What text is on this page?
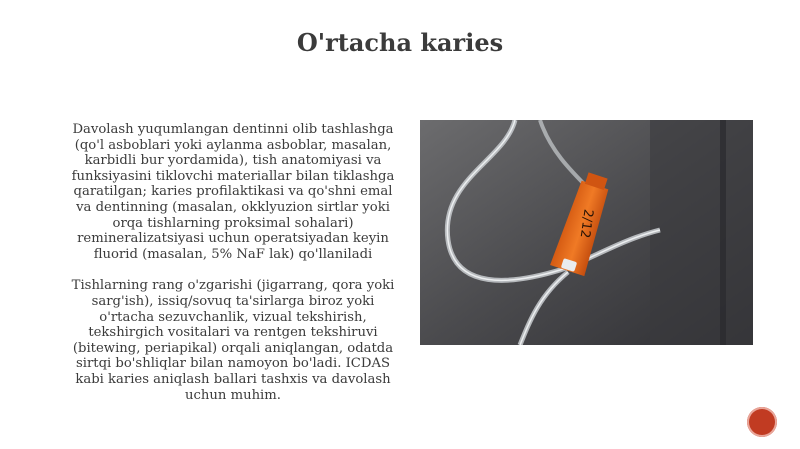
O'rtacha karies

Davolash yuqumlangan dentinni olib tashlashga
(qo'l asboblari yoki aylanma asboblar, masalan,
karbidli bur yordamida), tish anatomiyasi va
funksiyasini tiklovchi materiallar bilan tiklashga
qaratilgan; karies profilaktikasi va qo'shni emal
va dentinning (masalan, okklyuzion sirtlar yoki
orqa tishlarning proksimal sohalari)
remineralizatsiyasi uchun operatsiyadan keyin
fluorid (masalan, 5% NaF lak) qo'llaniladi

Tishlarning rang o'zgarishi (jigarrang, qora yoki
sarg'ish), issiq/sovuq ta'sirlarga biroz yoki
o'rtacha sezuvchanlik, vizual tekshirish,
tekshirgich vositalari va rentgen tekshiruvi
(bitewing, periapikal) orqali aniqlangan, odatda
sirtqi bo'shliqlar bilan namoyon bo'ladi. ICDAS
kabi karies aniqlash ballari tashxis va davolash
uchun muhim.

2/12
